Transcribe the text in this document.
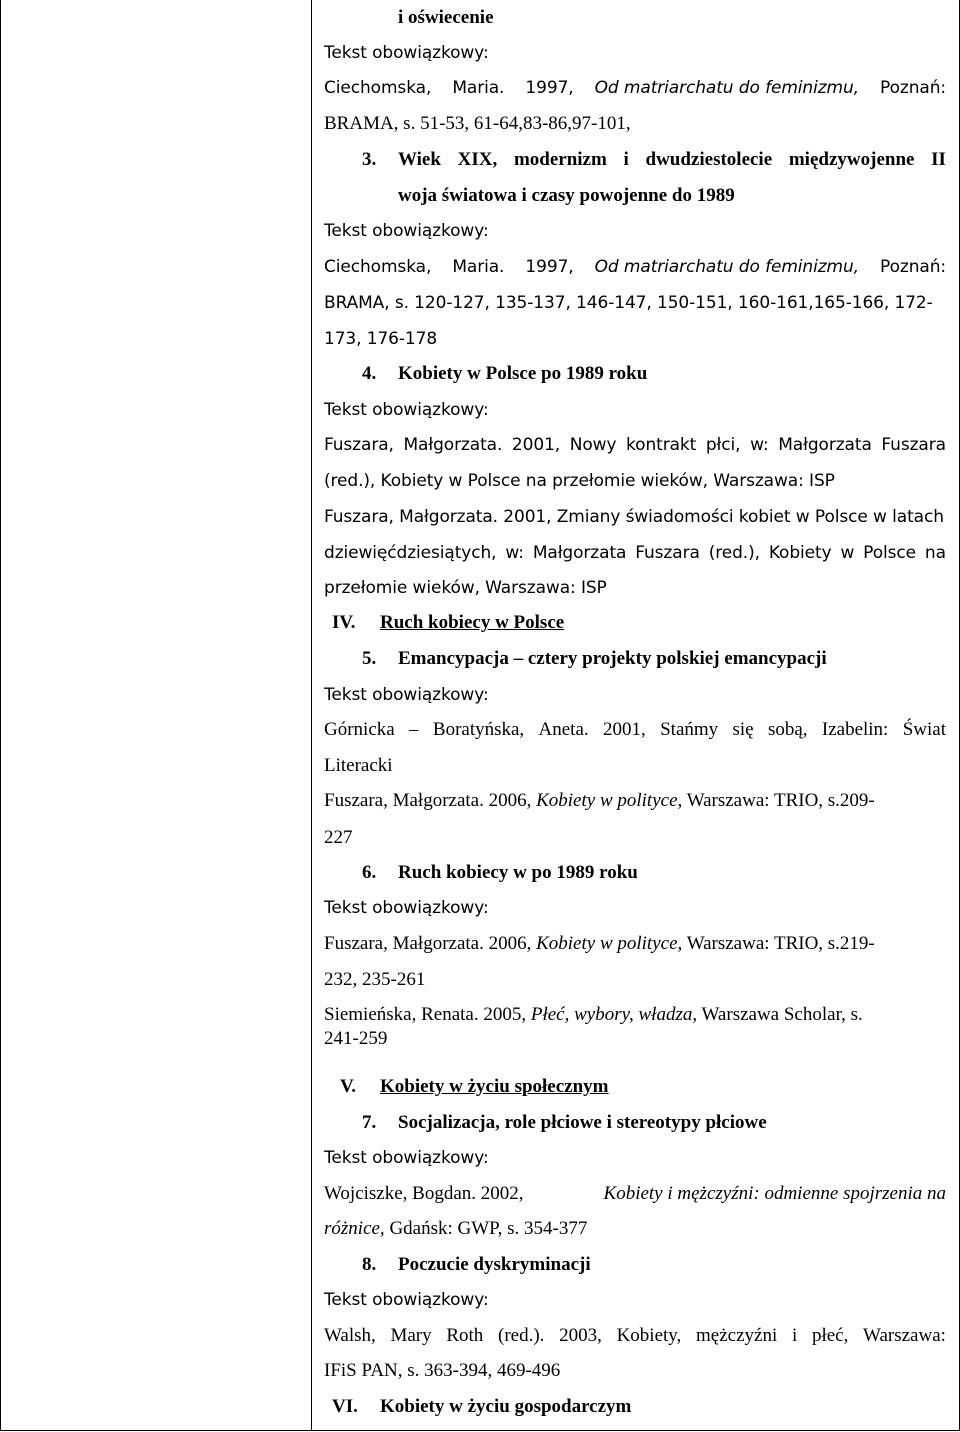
i oświecenie
Tekst obowiązkowy:
Ciechomska, Maria. 1997, Od matriarchatu do feminizmu, Poznań:
BRAMA, s. 51-53, 61-64,83-86,97-101,
3. Wiek XIX, modernizm i dwudziestolecie międzywojenne II
woja światowa i czasy powojenne do 1989
Tekst obowiązkowy:
Ciechomska, Maria. 1997, Od matriarchatu do feminizmu, Poznań:
BRAMA, s. 120-127, 135-137, 146-147, 150-151, 160-161,165-166, 172-
173, 176-178
4. Kobiety w Polsce po 1989 roku
Tekst obowiązkowy:
Fuszara, Małgorzata. 2001, Nowy kontrakt płci, w: Małgorzata Fuszara
(red.), Kobiety w Polsce na przełomie wieków, Warszawa: ISP
Fuszara, Małgorzata. 2001, Zmiany świadomości kobiet w Polsce w latach
dziewięćdziesiątych, w: Małgorzata Fuszara (red.), Kobiety w Polsce na
przełomie wieków, Warszawa: ISP
IV. Ruch kobiecy w Polsce
5. Emancypacja – cztery projekty polskiej emancypacji
Tekst obowiązkowy:
Górnicka – Boratyńska, Aneta. 2001, Stańmy się sobą, Izabelin: Świat
Literacki
Fuszara, Małgorzata. 2006, Kobiety w polityce, Warszawa: TRIO, s.209-
227
6. Ruch kobiecy w po 1989 roku
Tekst obowiązkowy:
Fuszara, Małgorzata. 2006, Kobiety w polityce, Warszawa: TRIO, s.219-
232, 235-261
Siemieńska, Renata. 2005, Płeć, wybory, władza, Warszawa Scholar, s.
241-259
V. Kobiety w życiu społecznym
7. Socjalizacja, role płciowe i stereotypy płciowe
Tekst obowiązkowy:
Wojciszke, Bogdan. 2002,	Kobiety i mężczyźni: odmienne spojrzenia na
różnice, Gdańsk: GWP, s. 354-377
8. Poczucie dyskryminacji
Tekst obowiązkowy:
Walsh, Mary Roth (red.). 2003, Kobiety, mężczyźni i płeć, Warszawa:
IFiS PAN, s. 363-394, 469-496
VI. Kobiety w życiu gospodarczym
